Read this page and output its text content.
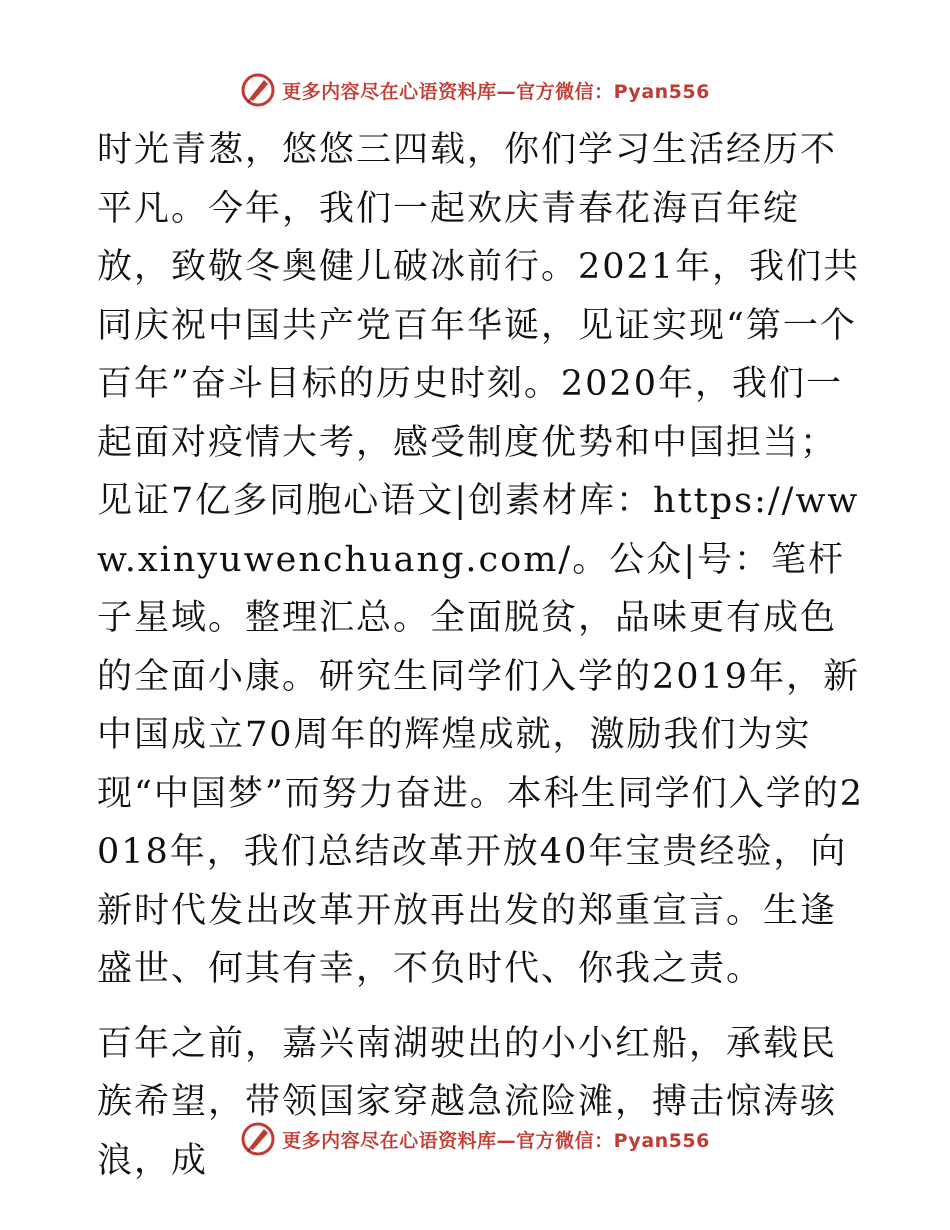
更多内容尽在心语资料库—官方微信：Pyan556

时光青葱，悠悠三四载，你们学习生活经历不平凡。今年，我们一起欢庆青春花海百年绽放，致敬冬奥健儿破冰前行。2021年，我们共同庆祝中国共产党百年华诞，见证实现“第一个百年”奋斗目标的历史时刻。2020年，我们一起面对疫情大考，感受制度优势和中国担当；见证7亿多同胞心语文|创素材库：https://www.xinyuwenchuang.com/。公众|号：笔杆子星域。整理汇总。全面脱贫，品味更有成色的全面小康。研究生同学们入学的2019年，新中国成立70周年的辉煌成就，激励我们为实现“中国梦”而努力奋进。本科生同学们入学的2018年，我们总结改革开放40年宝贵经验，向新时代发出改革开放再出发的郑重宣言。生逢盛世、何其有幸，不负时代、你我之责。

百年之前，嘉兴南湖驶出的小小红船，承载民族希望，带领国家穿越急流险滩，搏击惊涛骇浪，成	更多内容尽在心语资料库—官方微信：Pyan556
